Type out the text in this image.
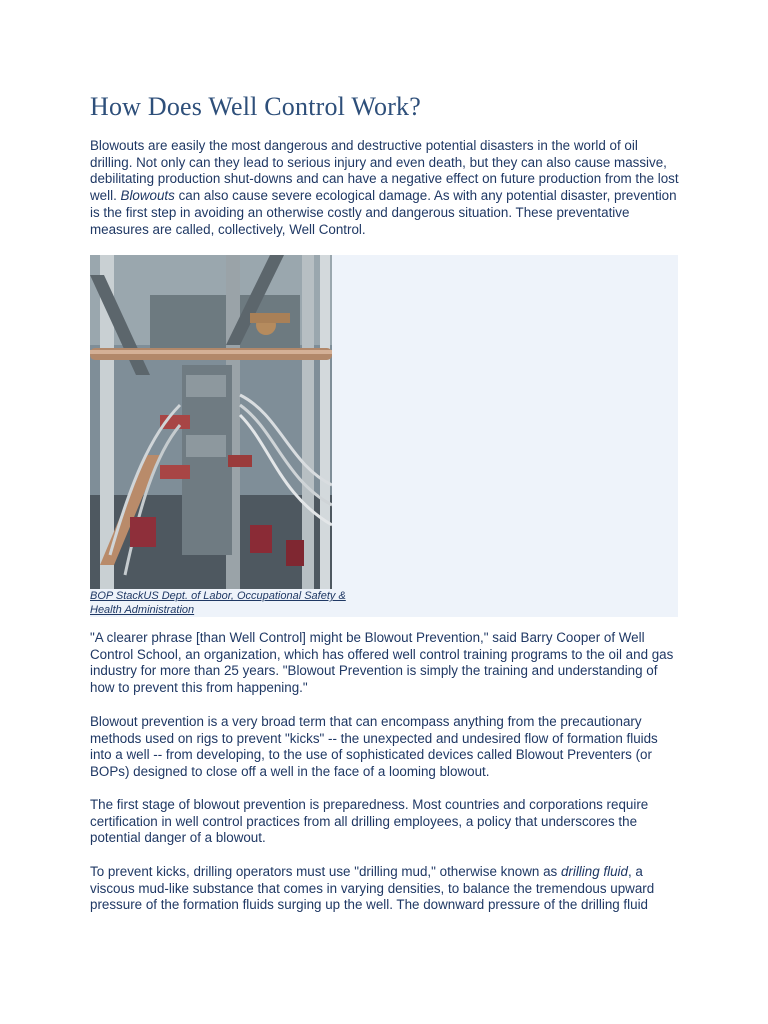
How Does Well Control Work?

Blowouts are easily the most dangerous and destructive potential disasters in the world of oil drilling. Not only can they lead to serious injury and even death, but they can also cause massive, debilitating production shut-downs and can have a negative effect on future production from the lost well. Blowouts can also cause severe ecological damage. As with any potential disaster, prevention is the first step in avoiding an otherwise costly and dangerous situation. These preventative measures are called, collectively, Well Control.

BOP StackUS Dept. of Labor, Occupational Safety & Health Administration

"A clearer phrase [than Well Control] might be Blowout Prevention," said Barry Cooper of Well Control School, an organization, which has offered well control training programs to the oil and gas industry for more than 25 years. "Blowout Prevention is simply the training and understanding of how to prevent this from happening."

Blowout prevention is a very broad term that can encompass anything from the precautionary methods used on rigs to prevent "kicks" -- the unexpected and undesired flow of formation fluids into a well -- from developing, to the use of sophisticated devices called Blowout Preventers (or BOPs) designed to close off a well in the face of a looming blowout.

The first stage of blowout prevention is preparedness. Most countries and corporations require certification in well control practices from all drilling employees, a policy that underscores the potential danger of a blowout.

To prevent kicks, drilling operators must use "drilling mud," otherwise known as drilling fluid, a viscous mud-like substance that comes in varying densities, to balance the tremendous upward pressure of the formation fluids surging up the well. The downward pressure of the drilling fluid
